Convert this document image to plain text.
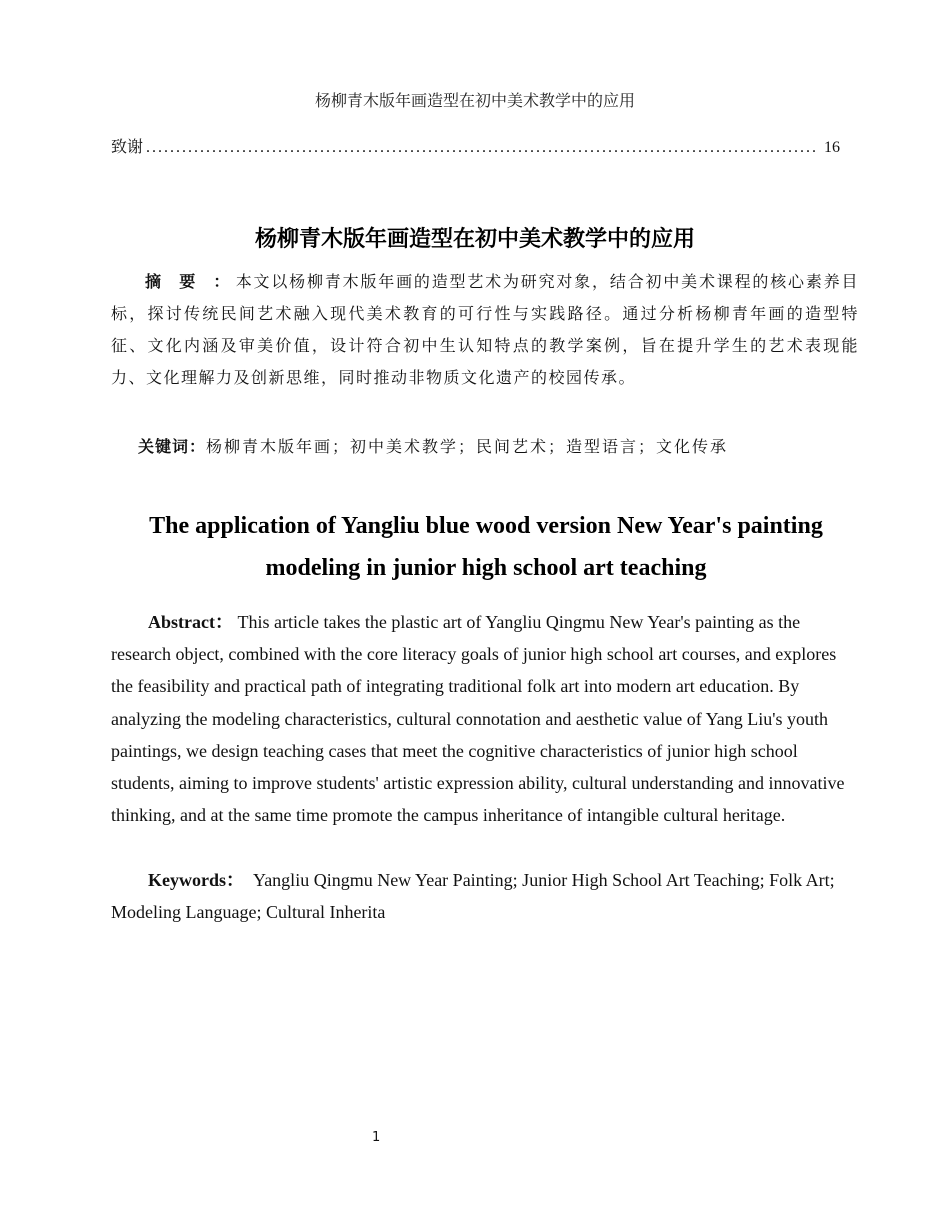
杨柳青木版年画造型在初中美术教学中的应用
致谢 ................................................................................................................ 16
杨柳青木版年画造型在初中美术教学中的应用

摘 要 ：本文以杨柳青木版年画的造型艺术为研究对象，结合初中美术课程的核心素养目标，探讨传统民间艺术融入现代美术教育的可行性与实践路径。通过分析杨柳青年画的造型特征、文化内涵及审美价值，设计符合初中生认知特点的教学案例，旨在提升学生的艺术表现能力、文化理解力及创新思维，同时推动非物质文化遗产的校园传承。

关键词：杨柳青木版年画；初中美术教学；民间艺术；造型语言；文化传承
The application of Yangliu blue wood version New Year's painting modeling in junior high school art teaching

Abstract： This article takes the plastic art of Yangliu Qingmu New Year's painting as the research object, combined with the core literacy goals of junior high school art courses, and explores the feasibility and practical path of integrating traditional folk art into modern art education. By analyzing the modeling characteristics, cultural connotation and aesthetic value of Yang Liu's youth paintings, we design teaching cases that meet the cognitive characteristics of junior high school students, aiming to improve students' artistic expression ability, cultural understanding and innovative thinking, and at the same time promote the campus inheritance of intangible cultural heritage.

Keywords： Yangliu Qingmu New Year Painting; Junior High School Art Teaching; Folk Art; Modeling Language; Cultural Inherita

1
